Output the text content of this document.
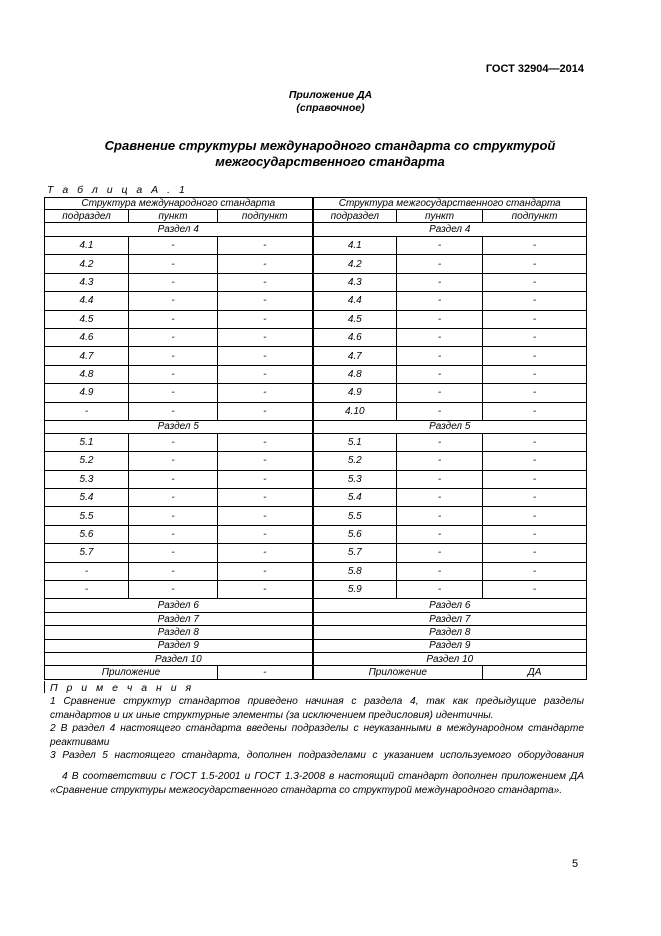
ГОСТ 32904—2014
Приложение ДА
(справочное)
Сравнение структуры международного стандарта со структурой
межгосударственного стандарта
Т а б л и ц а А . 1
Структура международного стандарта			Структура межгосударственного стандарта		
подраздел	пункт	подпункт	подраздел	пункт	подпункт
Раздел 4			Раздел 4		
4.1	-	-	4.1	-	-
4.2	-	-	4.2	-	-
4.3	-	-	4.3	-	-
4.4	-	-	4.4	-	-
4.5	-	-	4.5	-	-
4.6	-	-	4.6	-	-
4.7	-	-	4.7	-	-
4.8	-	-	4.8	-	-
4.9	-	-	4.9	-	-
-	-	-	4.10	-	-
Раздел 5			Раздел 5		
5.1	-	-	5.1	-	-
5.2	-	-	5.2	-	-
5.3	-	-	5.3	-	-
5.4	-	-	5.4	-	-
5.5	-	-	5.5	-	-
5.6	-	-	5.6	-	-
5.7	-	-	5.7	-	-
-	-	-	5.8	-	-
-	-	-	5.9	-	-
Раздел 6			Раздел 6		
Раздел 7			Раздел 7		
Раздел 8			Раздел 8		
Раздел 9			Раздел 9		
Раздел 10			Раздел 10		
Приложение		-	Приложение		ДА
П р и м е ч а н и я
1 Сравнение структур стандартов приведено начиная с раздела 4, так как предыдущие разделы стандартов и их иные структурные элементы (за исключением предисловия) идентичны.
2 В раздел 4 настоящего стандарта введены подразделы с неуказанными в международном стандарте реактивами
3 Раздел 5 настоящего стандарта, дополнен подразделами с указанием используемого оборудования
4 В соответствии с ГОСТ 1.5-2001 и ГОСТ 1.3-2008 в настоящий стандарт дополнен приложением ДА «Сравнение структуры межгосударственного стандарта со структурой международного стандарта».
5
